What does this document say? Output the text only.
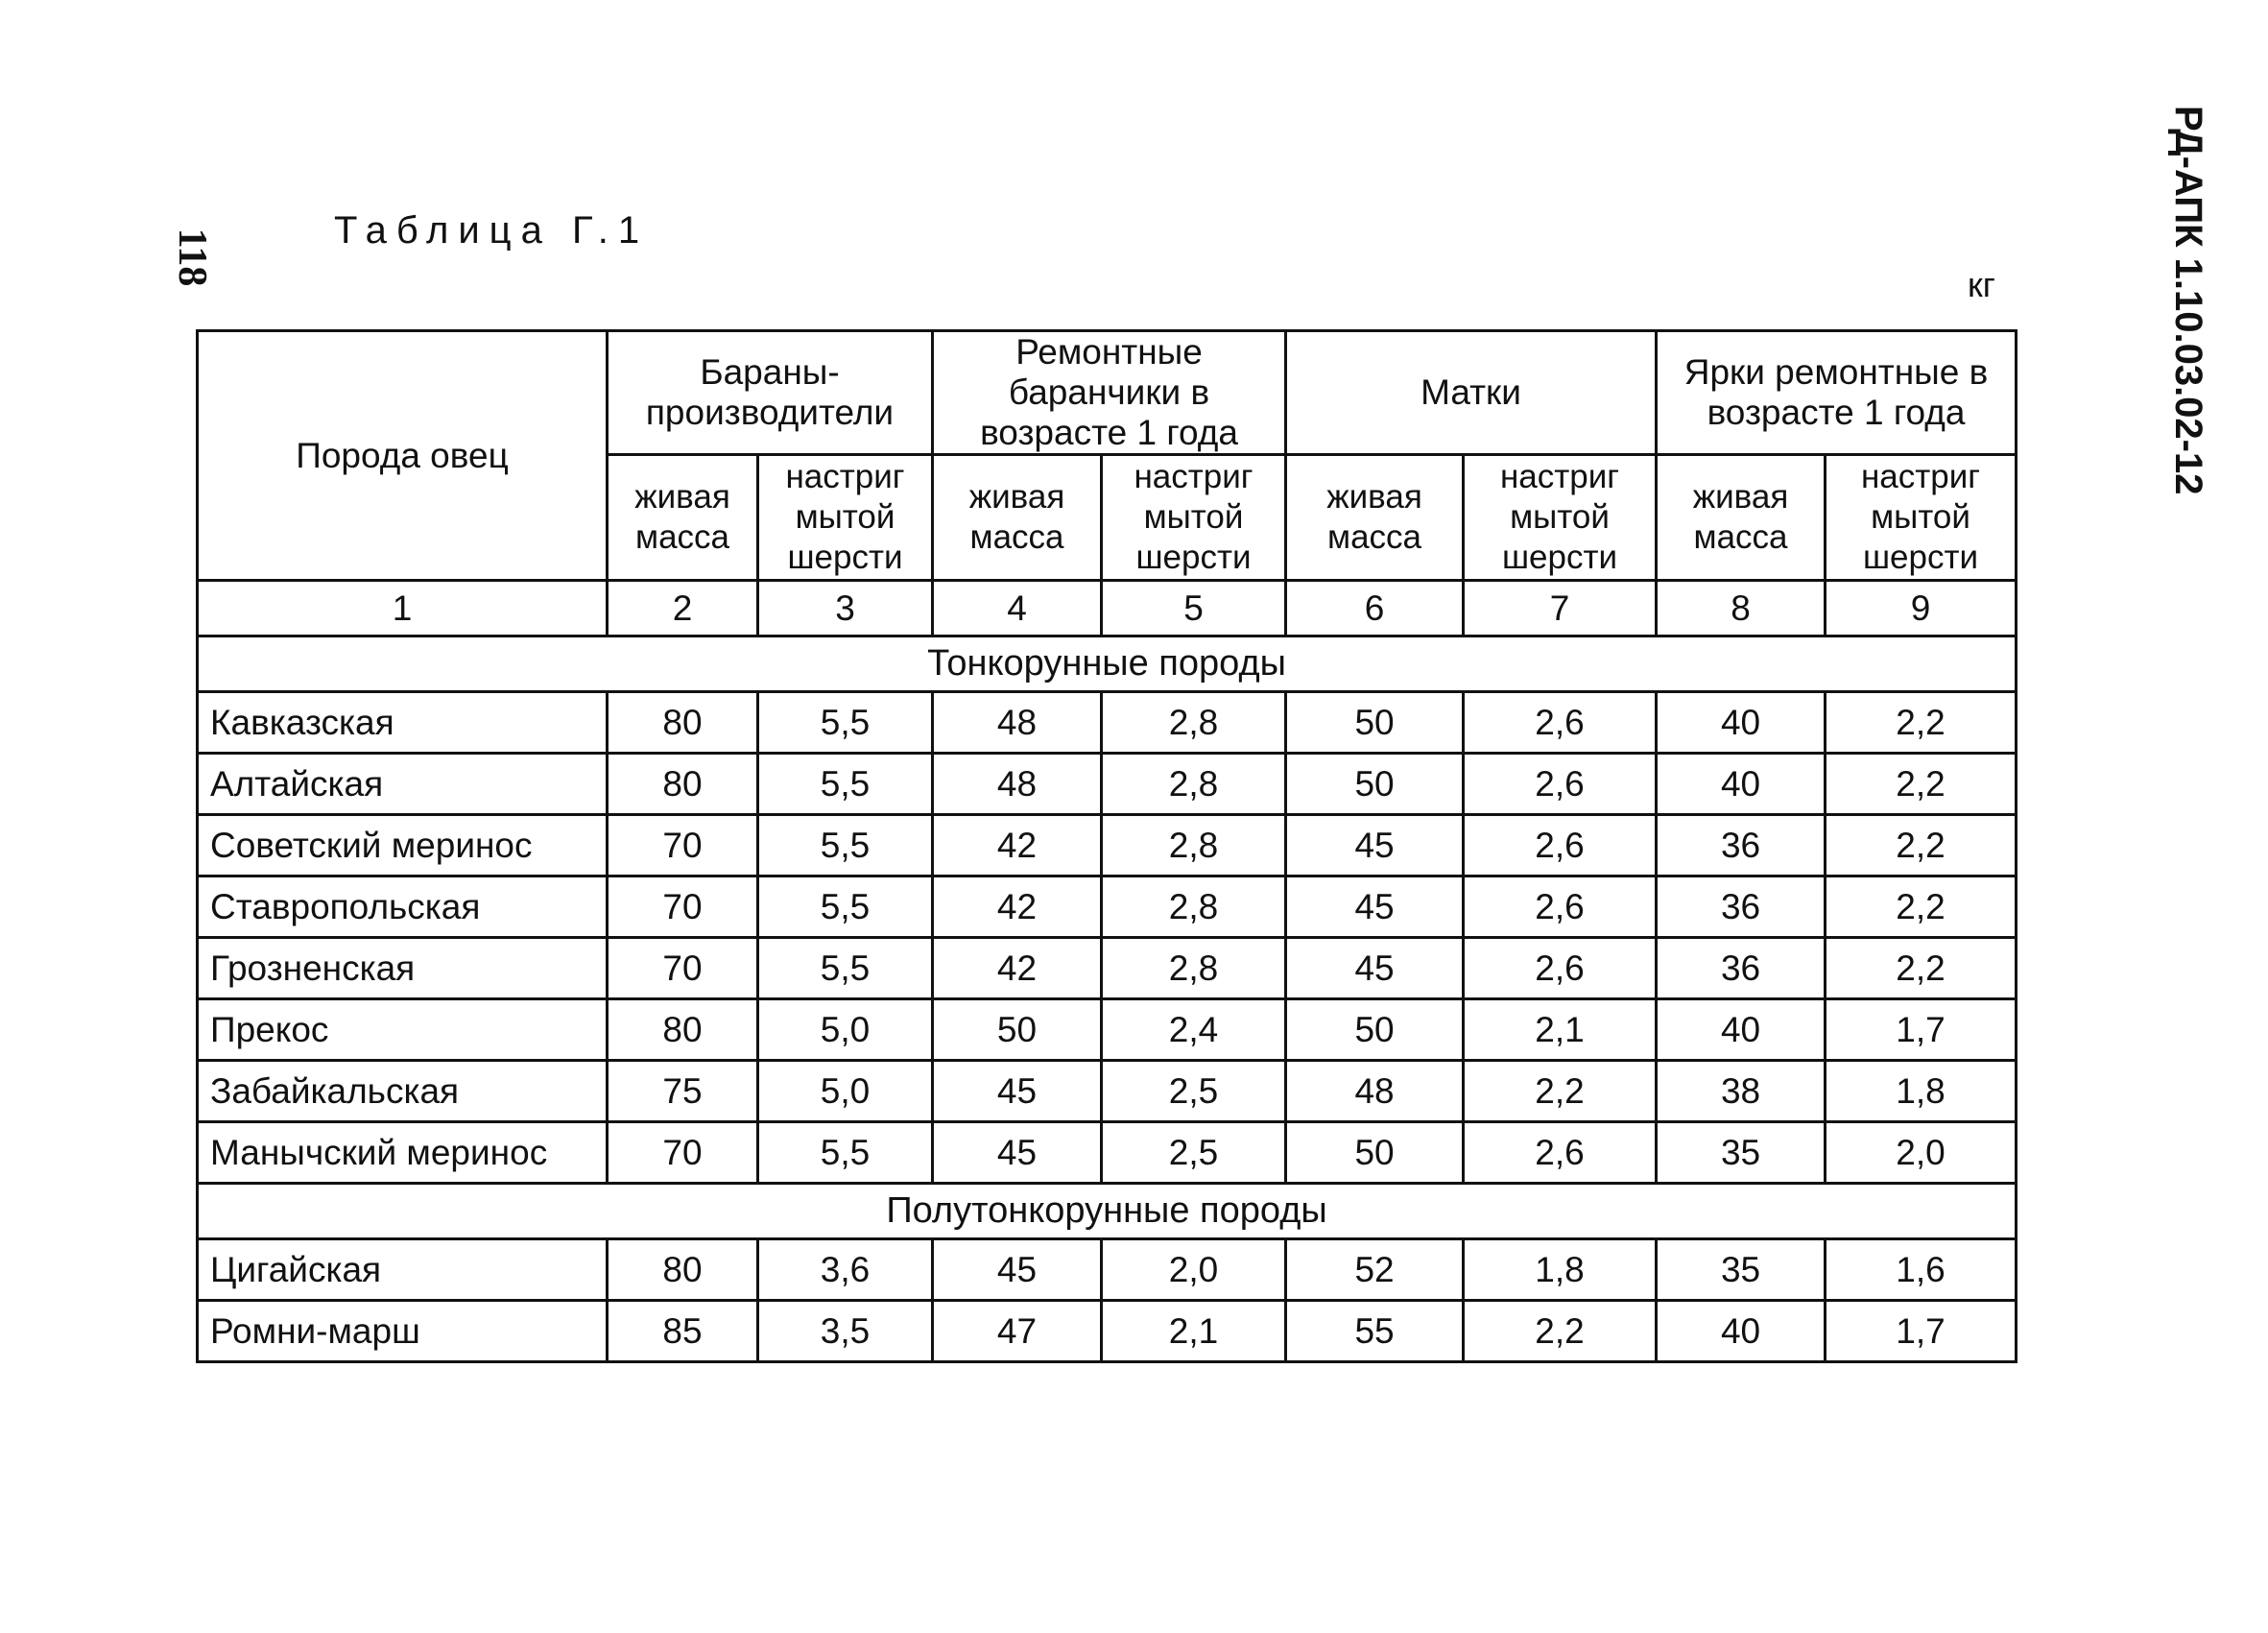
118	РД-АПК 1.10.03.02-12
Таблица Г.1
кг
Порода овец	Бараны-производители		Ремонтные баранчики в возрасте 1 года		Матки		Ярки ремонтные в возрасте 1 года	
	живая масса	настриг мытой шерсти	живая масса	настриг мытой шерсти	живая масса	настриг мытой шерсти	живая масса	настриг мытой шерсти
1	2	3	4	5	6	7	8	9
Тонкорунные породы								
Кавказская	80	5,5	48	2,8	50	2,6	40	2,2
Алтайская	80	5,5	48	2,8	50	2,6	40	2,2
Советский меринос	70	5,5	42	2,8	45	2,6	36	2,2
Ставропольская	70	5,5	42	2,8	45	2,6	36	2,2
Грозненская	70	5,5	42	2,8	45	2,6	36	2,2
Прекос	80	5,0	50	2,4	50	2,1	40	1,7
Забайкальская	75	5,0	45	2,5	48	2,2	38	1,8
Манычский меринос	70	5,5	45	2,5	50	2,6	35	2,0
Полутонкорунные породы								
Цигайская	80	3,6	45	2,0	52	1,8	35	1,6
Ромни-марш	85	3,5	47	2,1	55	2,2	40	1,7
